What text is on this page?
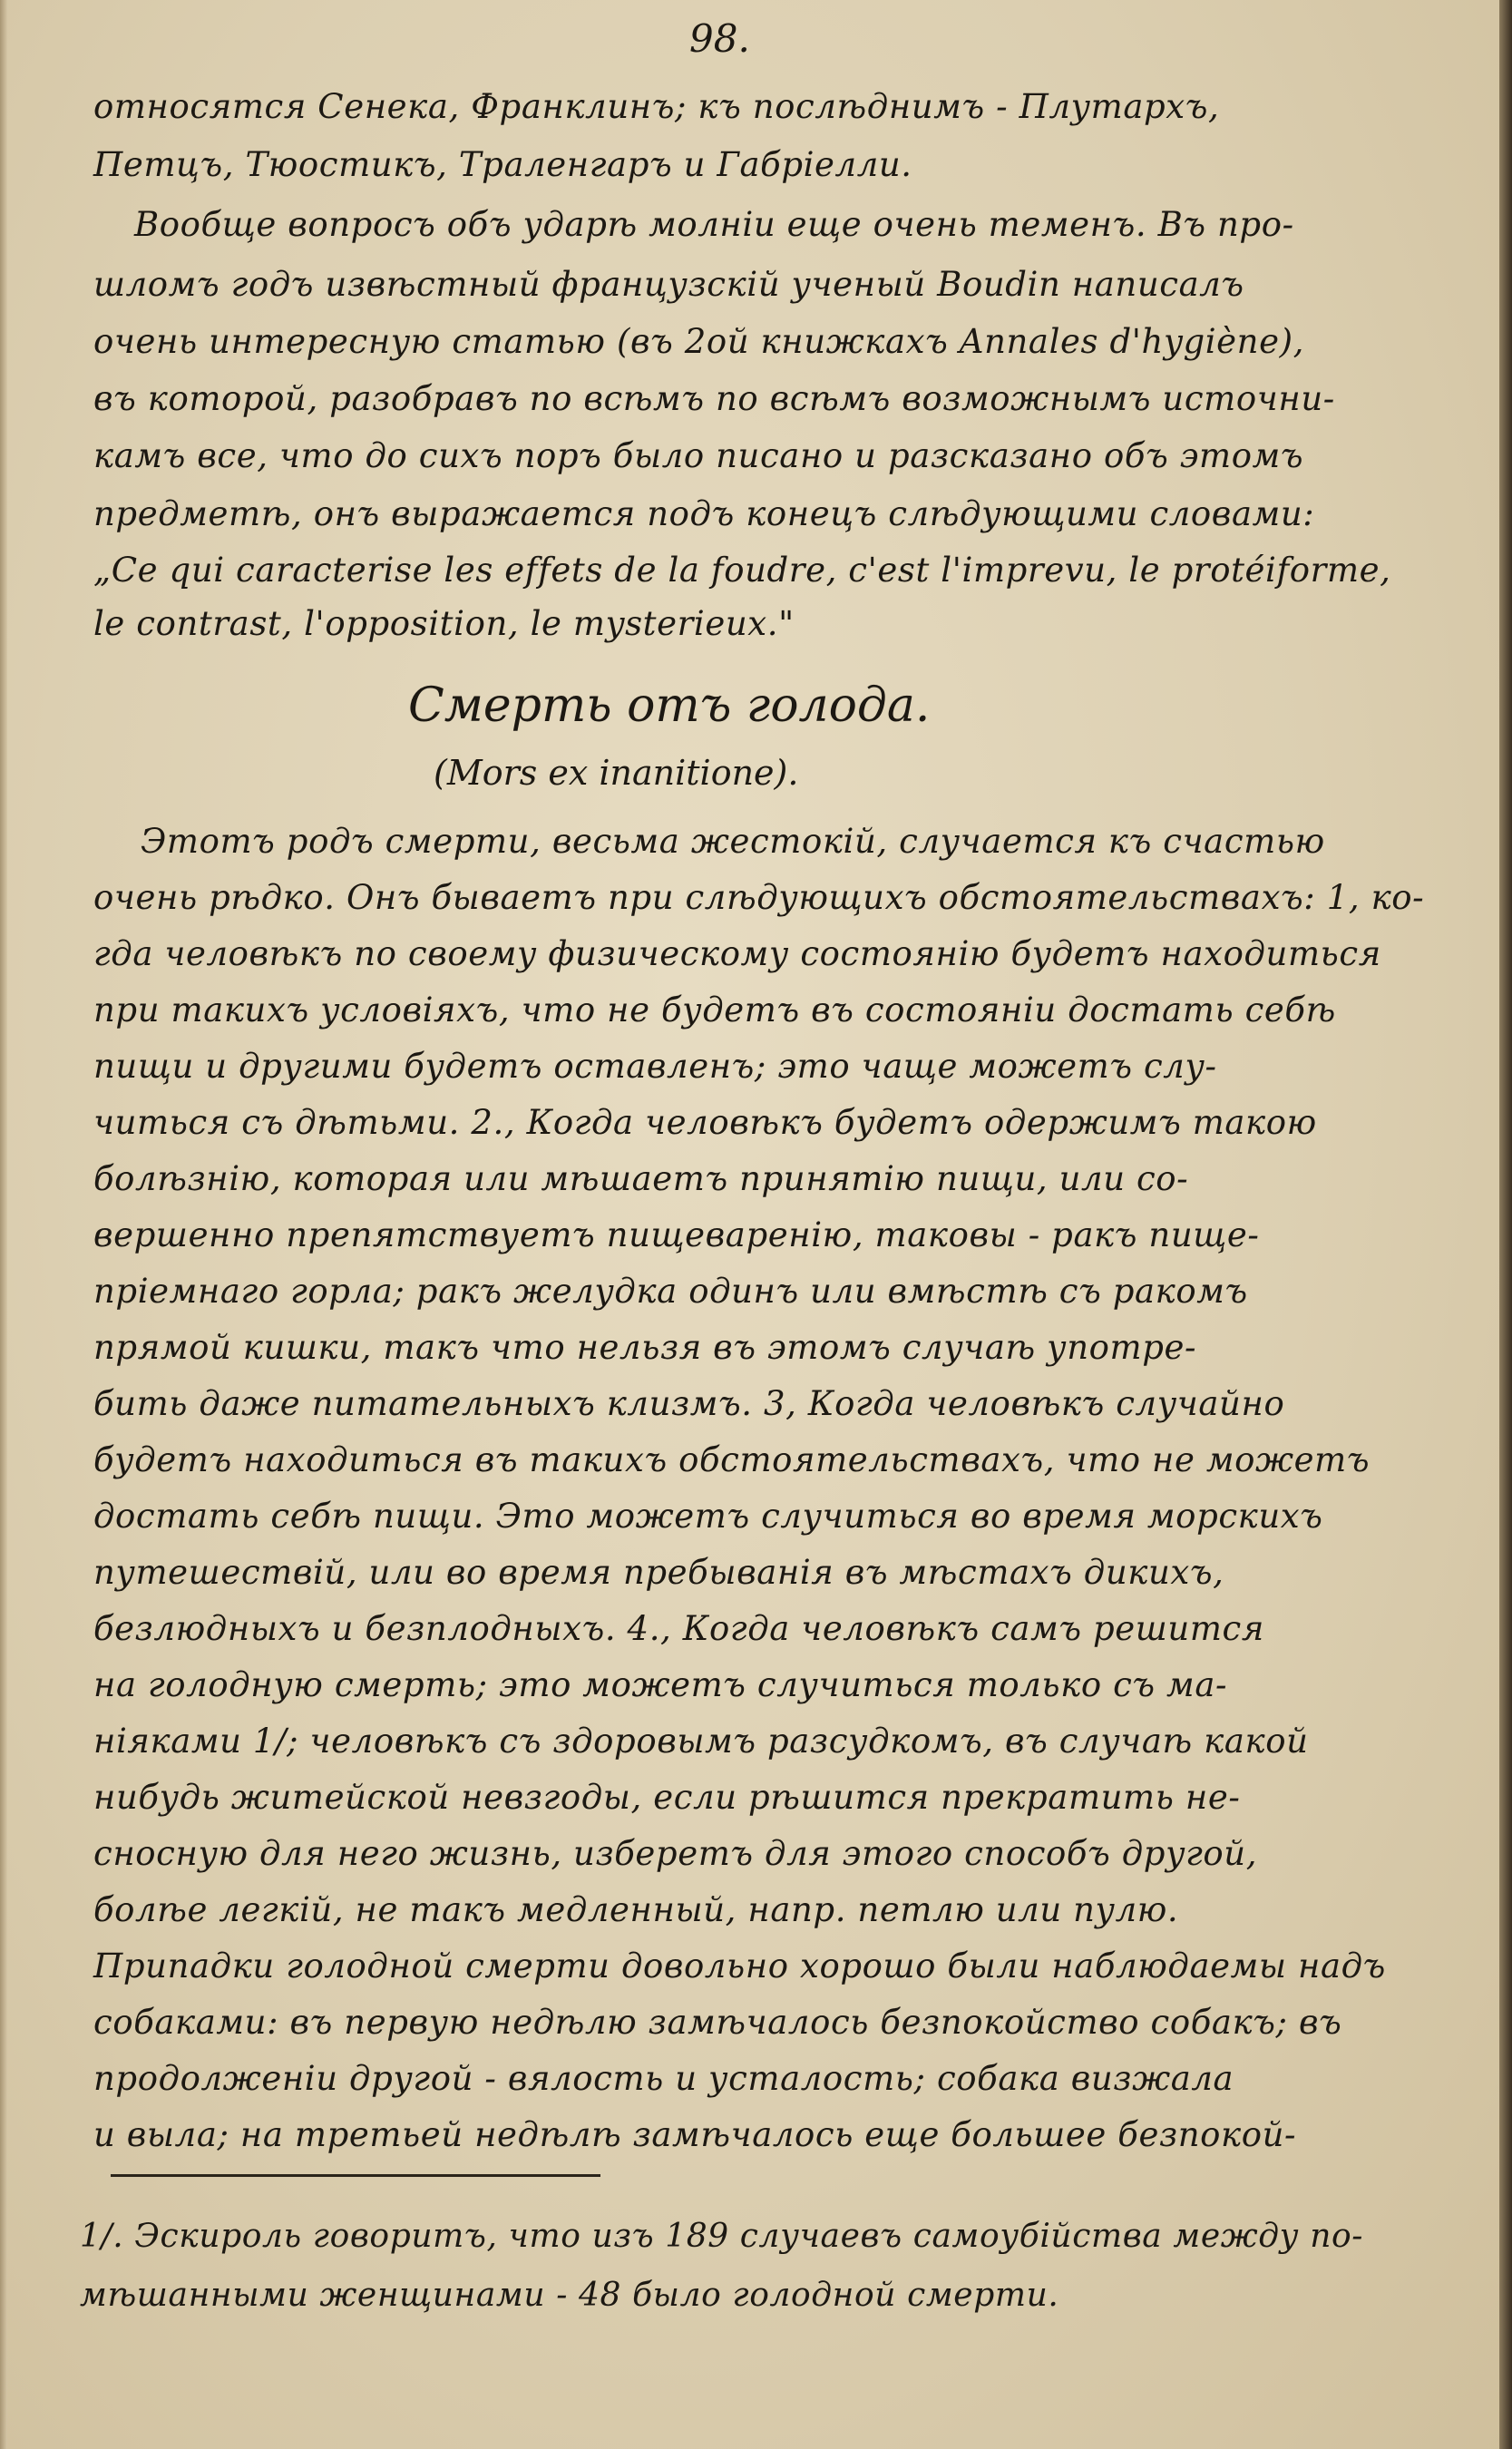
98.
относятся Сенека, Франклинъ; къ послѣднимъ - Плутархъ,
Петцъ, Тюостикъ, Траленгаръ и Габріелли.
Вообще вопросъ объ ударѣ молніи еще очень теменъ. Въ про-
шломъ годъ извѣстный французскій ученый Boudin написалъ
очень интересную статью (въ 2ой книжкахъ Annales d'hygiène),
въ которой, разобравъ по всѣмъ по всѣмъ возможнымъ источни-
камъ все, что до сихъ поръ было писано и разсказано объ этомъ
предметѣ, онъ выражается подъ конецъ слѣдующими словами:
„Ce qui caracterise les effets de la foudre, c'est l'imprevu, le protéiforme,
le contrast, l'opposition, le mysterieux."
Смерть отъ голода.
(Mors ex inanitione).
Этотъ родъ смерти, весьма жестокій, случается къ счастью
очень рѣдко. Онъ бываетъ при слѣдующихъ обстоятельствахъ: 1, ко-
гда человѣкъ по своему физическому состоянію будетъ находиться
при такихъ условіяхъ, что не будетъ въ состояніи достать себѣ
пищи и другими будетъ оставленъ; это чаще можетъ слу-
читься съ дѣтьми. 2., Когда человѣкъ будетъ одержимъ такою
болѣзнію, которая или мѣшаетъ принятію пищи, или со-
вершенно препятствуетъ пищеваренію, таковы - ракъ пище-
пріемнаго горла; ракъ желудка одинъ или вмѣстѣ съ ракомъ
прямой кишки, такъ что нельзя въ этомъ случаѣ употре-
бить даже питательныхъ клизмъ. 3, Когда человѣкъ случайно
будетъ находиться въ такихъ обстоятельствахъ, что не можетъ
достать себѣ пищи. Это можетъ случиться во время морскихъ
путешествій, или во время пребыванія въ мѣстахъ дикихъ,
безлюдныхъ и безплодныхъ. 4., Когда человѣкъ самъ решится
на голодную смерть; это можетъ случиться только съ ма-
ніяками 1/; человѣкъ съ здоровымъ разсудкомъ, въ случаѣ какой
нибудь житейской невзгоды, если рѣшится прекратить не-
сносную для него жизнь, изберетъ для этого способъ другой,
болѣе легкій, не такъ медленный, напр. петлю или пулю.
Припадки голодной смерти довольно хорошо были наблюдаемы надъ
собаками: въ первую недѣлю замѣчалось безпокойство собакъ; въ
продолженіи другой - вялость и усталость; собака визжала
и выла; на третьей недѣлѣ замѣчалось еще большее безпокой-
1/. Эскироль говоритъ, что изъ 189 случаевъ самоубійства между по-
мѣшанными женщинами - 48 было голодной смерти.
